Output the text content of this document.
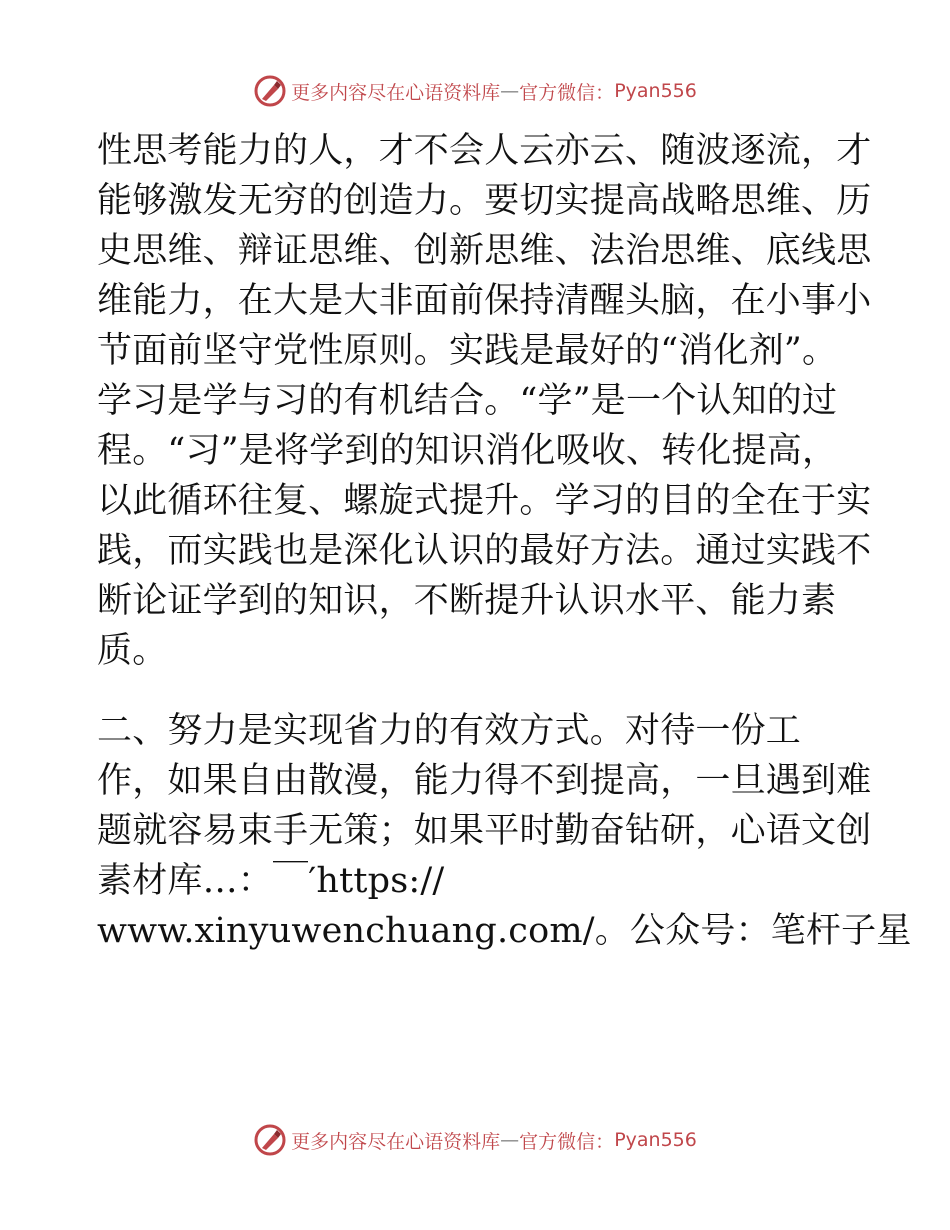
更多内容尽在心语资料库 — 官方微信： Pyan556
性思考能力的人，才不会人云亦云、随波逐流，才
能够激发无穷的创造力。要切实提高战略思维、历
史思维、辩证思维、创新思维、法治思维、底线思
维能力，在大是大非面前保持清醒头脑，在小事小
节面前坚守党性原则。实践是最好的“消化剂”。
学习是学与习的有机结合。“学”是一个认知的过
程。“习”是将学到的知识消化吸收、转化提高，
以此循环往复、螺旋式提升。学习的目的全在于实
践，而实践也是深化认识的最好方法。通过实践不
断论证学到的知识，不断提升认识水平、能力素
质。
二、努力是实现省力的有效方式。对待一份工
作，如果自由散漫，能力得不到提高，一旦遇到难
题就容易束手无策；如果平时勤奋钻研，心语文创
素材库…：￣′https://
www.xinyuwenchuang.com/。公众号：笔杆子星
更多内容尽在心语资料库 — 官方微信： Pyan556
